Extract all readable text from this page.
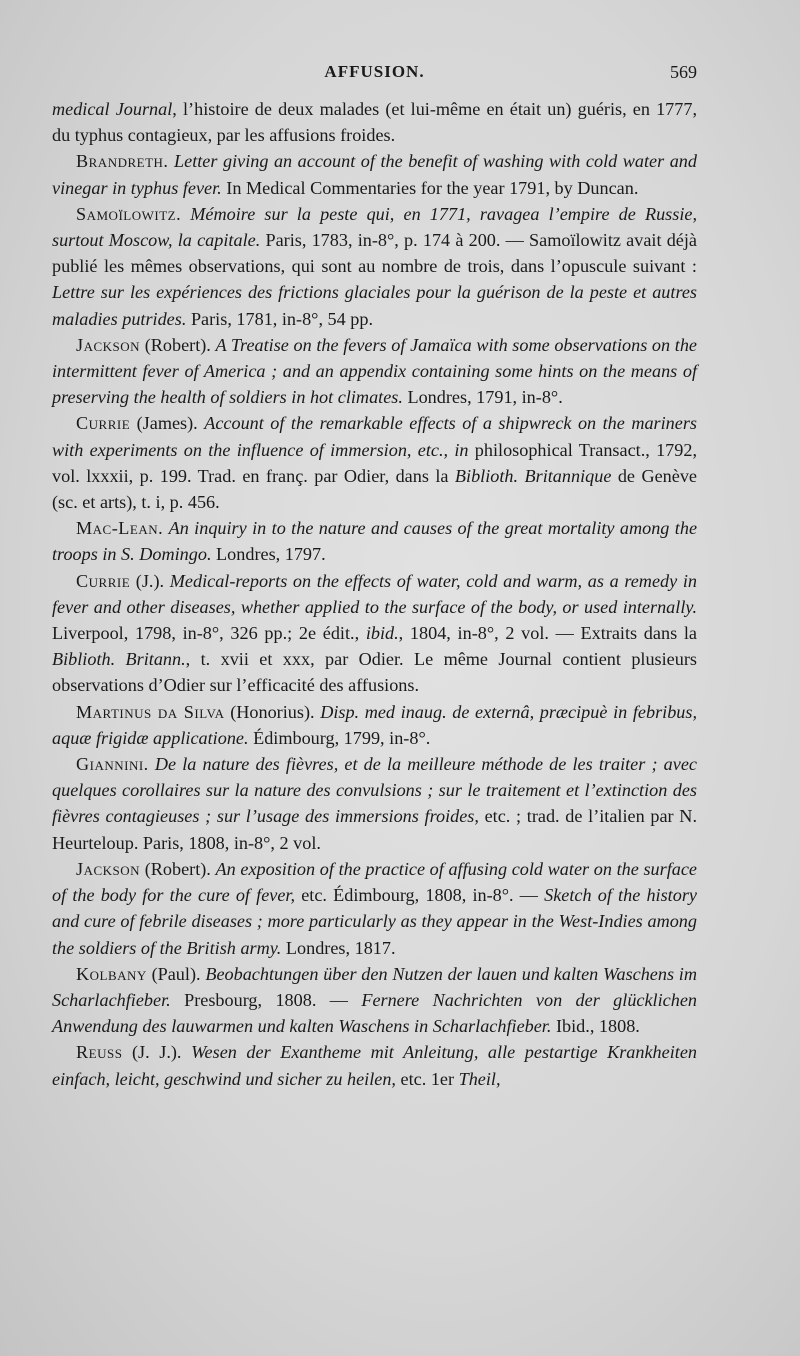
AFFUSION.	569

medical Journal, l’histoire de deux malades (et lui-même en était un) guéris, en 1777, du typhus contagieux, par les affusions froides.

Brandreth. Letter giving an account of the benefit of washing with cold water and vinegar in typhus fever. In Medical Commentaries for the year 1791, by Duncan.

Samoïlowitz. Mémoire sur la peste qui, en 1771, ravagea l’empire de Russie, surtout Moscow, la capitale. Paris, 1783, in-8°, p. 174 à 200. — Samoïlowitz avait déjà publié les mêmes observations, qui sont au nombre de trois, dans l’opuscule suivant : Lettre sur les expériences des frictions glaciales pour la guérison de la peste et autres maladies putrides. Paris, 1781, in-8°, 54 pp.

Jackson (Robert). A Treatise on the fevers of Jamaïca with some observations on the intermittent fever of America ; and an appendix containing some hints on the means of preserving the health of soldiers in hot climates. Londres, 1791, in-8°.

Currie (James). Account of the remarkable effects of a shipwreck on the mariners with experiments on the influence of immersion, etc., in philosophical Transact., 1792, vol. lxxxii, p. 199. Trad. en franç. par Odier, dans la Biblioth. Britannique de Genève (sc. et arts), t. i, p. 456.

Mac-Lean. An inquiry in to the nature and causes of the great mortality among the troops in S. Domingo. Londres, 1797.

Currie (J.). Medical-reports on the effects of water, cold and warm, as a remedy in fever and other diseases, whether applied to the surface of the body, or used internally. Liverpool, 1798, in-8°, 326 pp.; 2e édit., ibid., 1804, in-8°, 2 vol. — Extraits dans la Biblioth. Britann., t. xvii et xxx, par Odier. Le même Journal contient plusieurs observations d’Odier sur l’efficacité des affusions.

Martinus da Silva (Honorius). Disp. med inaug. de externâ, præcipuè in febribus, aquæ frigidæ applicatione. Édimbourg, 1799, in-8°.

Giannini. De la nature des fièvres, et de la meilleure méthode de les traiter ; avec quelques corollaires sur la nature des convulsions ; sur le traitement et l’extinction des fièvres contagieuses ; sur l’usage des immersions froides, etc. ; trad. de l’italien par N. Heurteloup. Paris, 1808, in-8°, 2 vol.

Jackson (Robert). An exposition of the practice of affusing cold water on the surface of the body for the cure of fever, etc. Édimbourg, 1808, in-8°. — Sketch of the history and cure of febrile diseases ; more particularly as they appear in the West-Indies among the soldiers of the British army. Londres, 1817.

Kolbany (Paul). Beobachtungen über den Nutzen der lauen und kalten Waschens im Scharlachfieber. Presbourg, 1808. — Fernere Nachrichten von der glücklichen Anwendung des lauwarmen und kalten Waschens in Scharlachfieber. Ibid., 1808.

Reuss (J. J.). Wesen der Exantheme mit Anleitung, alle pestartige Krankheiten einfach, leicht, geschwind und sicher zu heilen, etc. 1er Theil,
